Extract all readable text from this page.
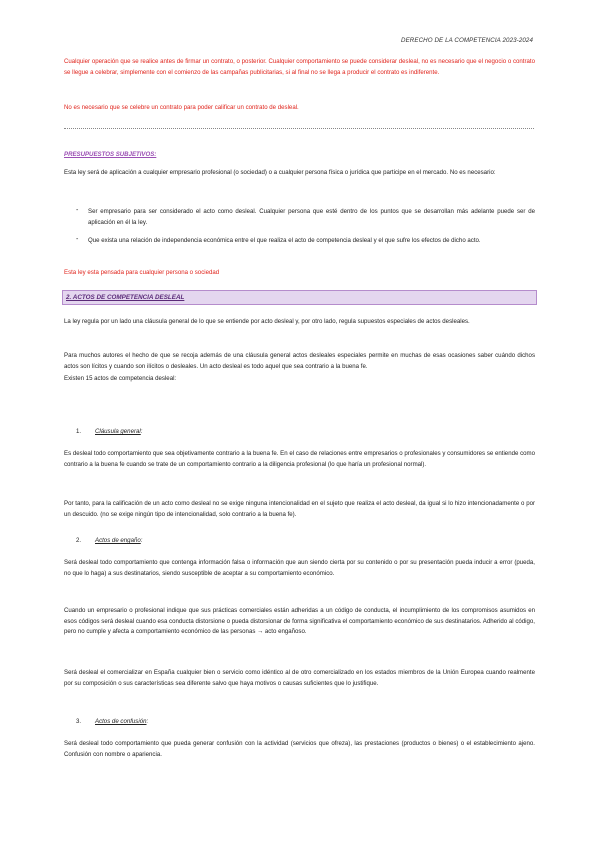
DERECHO DE LA COMPETENCIA 2023-2024
Cualquier operación que se realice antes de firmar un contrato, o posterior. Cualquier comportamiento se puede considerar desleal, no es necesario que el negocio o contrato se llegue a celebrar, simplemente con el comienzo de las campañas publicitarias, si al final no se llega a producir el contrato es indiferente.
No es necesario que se celebre un contrato para poder calificar un contrato de desleal.
PRESUPUESTOS SUBJETIVOS:
Esta ley será de aplicación a cualquier empresario profesional (o sociedad) o a cualquier persona física o jurídica que participe en el mercado. No es necesario:
- Ser empresario para ser considerado el acto como desleal. Cualquier persona que esté dentro de los puntos que se desarrollan más adelante puede ser de aplicación en él la ley.
- Que exista una relación de independencia económica entre el que realiza el acto de competencia desleal y el que sufre los efectos de dicho acto.
Esta ley esta pensada para cualquier persona o sociedad
2. ACTOS DE COMPETENCIA DESLEAL
La ley regula por un lado una cláusula general de lo que se entiende por acto desleal y, por otro lado, regula supuestos especiales de actos desleales.
Para muchos autores el hecho de que se recoja además de una cláusula general actos desleales especiales permite en muchas de esas ocasiones saber cuándo dichos actos son lícitos y cuando son ilícitos o desleales. Un acto desleal es todo aquel que sea contrario a la buena fe.
Existen 15 actos de competencia desleal:
1. Cláusula general:
Es desleal todo comportamiento que sea objetivamente contrario a la buena fe. En el caso de relaciones entre empresarios o profesionales y consumidores se entiende como contrario a la buena fe cuando se trate de un comportamiento contrario a la diligencia profesional (lo que haría un profesional normal).
Por tanto, para la calificación de un acto como desleal no se exige ninguna intencionalidad en el sujeto que realiza el acto desleal, da igual si lo hizo intencionadamente o por un descuido. (no se exige ningún tipo de intencionalidad, solo contrario a la buena fe).
2. Actos de engaño:
Será desleal todo comportamiento que contenga información falsa o información que aun siendo cierta por su contenido o por su presentación pueda inducir a error (pueda, no que lo haga) a sus destinatarios, siendo susceptible de aceptar a su comportamiento económico.
Cuando un empresario o profesional indique que sus prácticas comerciales están adheridas a un código de conducta, el incumplimiento de los compromisos asumidos en esos códigos será desleal cuando esa conducta distorsione o pueda distorsionar de forma significativa el comportamiento económico de sus destinatarios. Adherido al código, pero no cumple y afecta a comportamiento económico de las personas → acto engañoso.
Será desleal el comercializar en España cualquier bien o servicio como idéntico al de otro comercializado en los estados miembros de la Unión Europea cuando realmente por su composición o sus características sea diferente salvo que haya motivos o causas suficientes que lo justifique.
3. Actos de confusión:
Será desleal todo comportamiento que pueda generar confusión con la actividad (servicios que ofreza), las prestaciones (productos o bienes) o el establecimiento ajeno. Confusión con nombre o apariencia.
